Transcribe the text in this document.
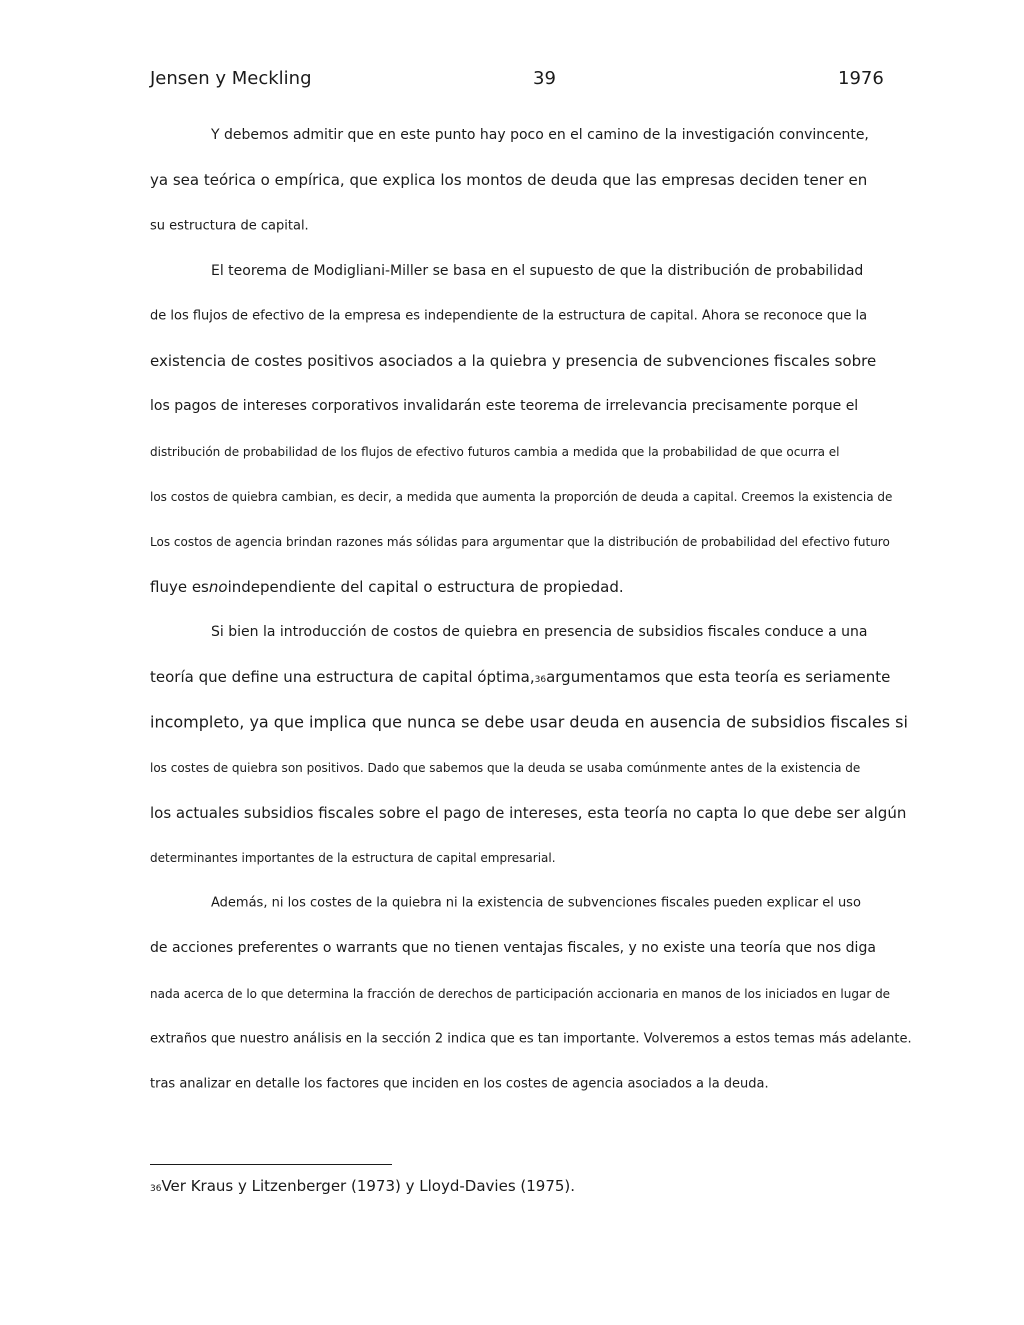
Jensen y Meckling	39	1976
Y debemos admitir que en este punto hay poco en el camino de la investigación convincente,
ya sea teórica o empírica, que explica los montos de deuda que las empresas deciden tener en
su estructura de capital.
El teorema de Modigliani-Miller se basa en el supuesto de que la distribución de probabilidad
de los flujos de efectivo de la empresa es independiente de la estructura de capital. Ahora se reconoce que la
existencia de costes positivos asociados a la quiebra y presencia de subvenciones fiscales sobre
los pagos de intereses corporativos invalidarán este teorema de irrelevancia precisamente porque el
distribución de probabilidad de los flujos de efectivo futuros cambia a medida que la probabilidad de que ocurra el
los costos de quiebra cambian, es decir, a medida que aumenta la proporción de deuda a capital. Creemos la existencia de
Los costos de agencia brindan razones más sólidas para argumentar que la distribución de probabilidad del efectivo futuro
fluye esnoindependiente del capital o estructura de propiedad.
Si bien la introducción de costos de quiebra en presencia de subsidios fiscales conduce a una
teoría que define una estructura de capital óptima,36argumentamos que esta teoría es seriamente
incompleto, ya que implica que nunca se debe usar deuda en ausencia de subsidios fiscales si
los costes de quiebra son positivos. Dado que sabemos que la deuda se usaba comúnmente antes de la existencia de
los actuales subsidios fiscales sobre el pago de intereses, esta teoría no capta lo que debe ser algún
determinantes importantes de la estructura de capital empresarial.
Además, ni los costes de la quiebra ni la existencia de subvenciones fiscales pueden explicar el uso
de acciones preferentes o warrants que no tienen ventajas fiscales, y no existe una teoría que nos diga
nada acerca de lo que determina la fracción de derechos de participación accionaria en manos de los iniciados en lugar de
extraños que nuestro análisis en la sección 2 indica que es tan importante. Volveremos a estos temas más adelante.
tras analizar en detalle los factores que inciden en los costes de agencia asociados a la deuda.
36Ver Kraus y Litzenberger (1973) y Lloyd-Davies (1975).
